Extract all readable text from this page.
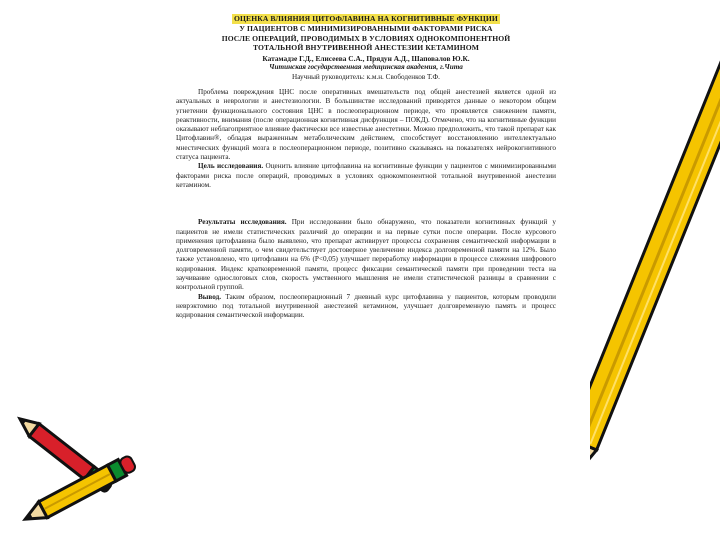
ОЦЕНКА ВЛИЯНИЯ ЦИТОФЛАВИНА НА КОГНИТИВНЫЕ ФУНКЦИИ
У ПАЦИЕНТОВ С МИНИМИЗИРОВАННЫМИ ФАКТОРАМИ РИСКА
ПОСЛЕ ОПЕРАЦИЙ, ПРОВОДИМЫХ В УСЛОВИЯХ ОДНОКОМПОНЕНТНОЙ
ТОТАЛЬНОЙ ВНУТРИВЕННОЙ АНЕСТЕЗИИ КЕТАМИНОМ
Катамадзе Г.Д., Елисеева С.А., Прядун А.Д., Шаповалов Ю.К.
Читинская государственная медицинская академия, г.Чита
Научный руководитель: к.м.н. Свободенков Т.Ф.

Проблема повреждения ЦНС после оперативных вмешательств под общей анестезией является одной из актуальных в неврологии и анестезиологии. В большинстве исследований приводятся данные о некотором общем угнетении функционального состояния ЦНС в послеоперационном периоде, что проявляется снижением памяти, реактивности, внимания (после операционная когнитивная дисфункция – ПОКД). Отмечено, что на когнитивные функции оказывают неблагоприятное влияние фактически все известные анестетики. Можно предположить, что такой препарат как Цитофлавин®, обладая выраженным метаболическим действием, способствует восстановлению интеллектуально мнестических функций мозга в послеоперационном периоде, позитивно сказываясь на показателях нейрокогнитивного статуса пациента.

Цель исследования. Оценить влияние цитофлавина на когнитивные функции у пациентов с минимизированными факторами риска после операций, проводимых в условиях однокомпонентной тотальной внутривенной анестезии кетамином.

Результаты исследования. При исследовании было обнаружено, что показатели когнитивных функций у пациентов не имели статистических различий до операции и на первые сутки после операции. После курсового применения цитофлавина было выявлено, что препарат активирует процессы сохранения семантической информации в долговременной памяти, о чем свидетельствует достоверное увеличение индекса долговременной памяти на 12%. Было также установлено, что цитофлавин на 6% (P<0,05) улучшает переработку информации в процессе слежения шифрового кодирования. Индекс кратковременной памяти, процесс фиксации семантической памяти при проведении теста на заучивание однослоговых слов, скорость умственного мышления не имели статистической разницы в сравнении с контрольной группой.

Вывод. Таким образом, послеоперационный 7 дневный курс цитофлавина у пациентов, которым проводили неврэктомию под тотальной внутривенной анестезией кетамином, улучшает долговременную память и процесс кодирования семантической информации.
